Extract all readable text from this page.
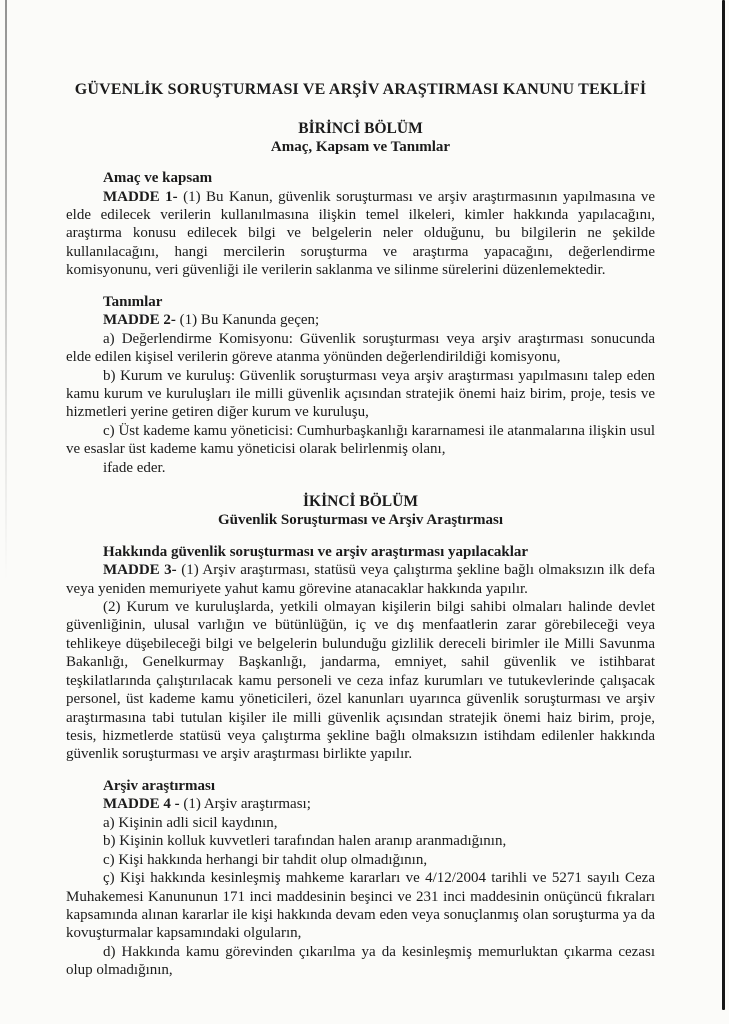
GÜVENLİK SORUŞTURMASI VE ARŞİV ARAŞTIRMASI KANUNU TEKLİFİ
BİRİNCİ BÖLÜM
Amaç, Kapsam ve Tanımlar
Amaç ve kapsam

MADDE 1- (1) Bu Kanun, güvenlik soruşturması ve arşiv araştırmasının yapılmasına ve elde edilecek verilerin kullanılmasına ilişkin temel ilkeleri, kimler hakkında yapılacağını, araştırma konusu edilecek bilgi ve belgelerin neler olduğunu, bu bilgilerin ne şekilde kullanılacağını, hangi mercilerin soruşturma ve araştırma yapacağını, değerlendirme komisyonunu, veri güvenliği ile verilerin saklanma ve silinme sürelerini düzenlemektedir.

Tanımlar

MADDE 2- (1) Bu Kanunda geçen;

a) Değerlendirme Komisyonu: Güvenlik soruşturması veya arşiv araştırması sonucunda elde edilen kişisel verilerin göreve atanma yönünden değerlendirildiği komisyonu,

b) Kurum ve kuruluş: Güvenlik soruşturması veya arşiv araştırması yapılmasını talep eden kamu kurum ve kuruluşları ile milli güvenlik açısından stratejik önemi haiz birim, proje, tesis ve hizmetleri yerine getiren diğer kurum ve kuruluşu,

c) Üst kademe kamu yöneticisi: Cumhurbaşkanlığı kararnamesi ile atanmalarına ilişkin usul ve esaslar üst kademe kamu yöneticisi olarak belirlenmiş olanı,

ifade eder.

İKİNCİ BÖLÜM
Güvenlik Soruşturması ve Arşiv Araştırması
Hakkında güvenlik soruşturması ve arşiv araştırması yapılacaklar

MADDE 3- (1) Arşiv araştırması, statüsü veya çalıştırma şekline bağlı olmaksızın ilk defa veya yeniden memuriyete yahut kamu görevine atanacaklar hakkında yapılır.

(2) Kurum ve kuruluşlarda, yetkili olmayan kişilerin bilgi sahibi olmaları halinde devlet güvenliğinin, ulusal varlığın ve bütünlüğün, iç ve dış menfaatlerin zarar görebileceği veya tehlikeye düşebileceği bilgi ve belgelerin bulunduğu gizlilik dereceli birimler ile Milli Savunma Bakanlığı, Genelkurmay Başkanlığı, jandarma, emniyet, sahil güvenlik ve istihbarat teşkilatlarında çalıştırılacak kamu personeli ve ceza infaz kurumları ve tutukevlerinde çalışacak personel, üst kademe kamu yöneticileri, özel kanunları uyarınca güvenlik soruşturması ve arşiv araştırmasına tabi tutulan kişiler ile milli güvenlik açısından stratejik önemi haiz birim, proje, tesis, hizmetlerde statüsü veya çalıştırma şekline bağlı olmaksızın istihdam edilenler hakkında güvenlik soruşturması ve arşiv araştırması birlikte yapılır.

Arşiv araştırması

MADDE 4 - (1) Arşiv araştırması;

a) Kişinin adli sicil kaydının,

b) Kişinin kolluk kuvvetleri tarafından halen aranıp aranmadığının,

c) Kişi hakkında herhangi bir tahdit olup olmadığının,

ç) Kişi hakkında kesinleşmiş mahkeme kararları ve 4/12/2004 tarihli ve 5271 sayılı Ceza Muhakemesi Kanununun 171 inci maddesinin beşinci ve 231 inci maddesinin onüçüncü fıkraları kapsamında alınan kararlar ile kişi hakkında devam eden veya sonuçlanmış olan soruşturma ya da kovuşturmalar kapsamındaki olguların,

d) Hakkında kamu görevinden çıkarılma ya da kesinleşmiş memurluktan çıkarma cezası olup olmadığının,
